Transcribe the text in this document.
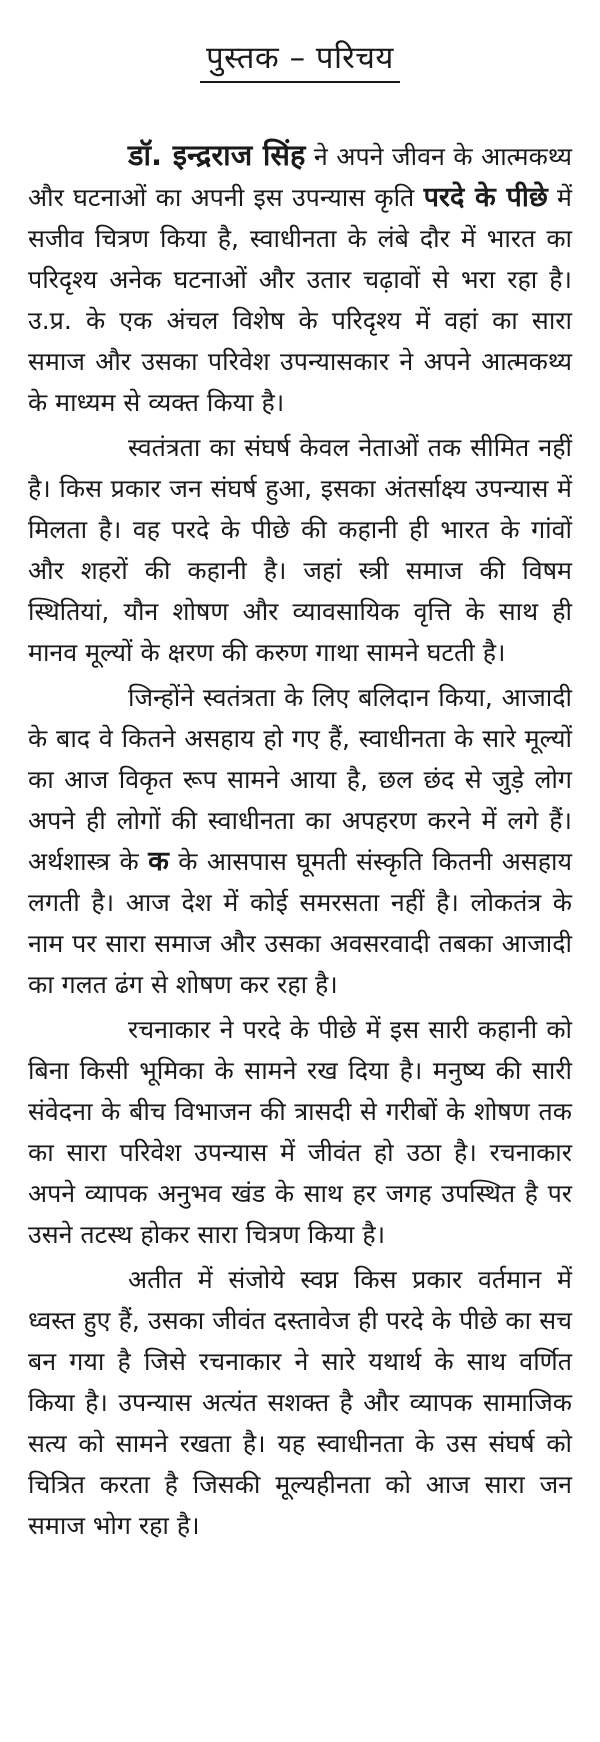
पुस्तक – परिचय

डॉ. इन्द्रराज सिंह ने अपने जीवन के आत्मकथ्य और घटनाओं का अपनी इस उपन्यास कृति परदे के पीछे में सजीव चित्रण किया है, स्वाधीनता के लंबे दौर में भारत का परिदृश्य अनेक घटनाओं और उतार चढ़ावों से भरा रहा है। उ.प्र. के एक अंचल विशेष के परिदृश्य में वहां का सारा समाज और उसका परिवेश उपन्यासकार ने अपने आत्मकथ्य के माध्यम से व्यक्त किया है।

स्वतंत्रता का संघर्ष केवल नेताओं तक सीमित नहीं है। किस प्रकार जन संघर्ष हुआ, इसका अंतर्साक्ष्य उपन्यास में मिलता है। वह परदे के पीछे की कहानी ही भारत के गांवों और शहरों की कहानी है। जहां स्त्री समाज की विषम स्थितियां, यौन शोषण और व्यावसायिक वृत्ति के साथ ही मानव मूल्यों के क्षरण की करुण गाथा सामने घटती है।

जिन्होंने स्वतंत्रता के लिए बलिदान किया, आजादी के बाद वे कितने असहाय हो गए हैं, स्वाधीनता के सारे मूल्यों का आज विकृत रूप सामने आया है, छल छंद से जुड़े लोग अपने ही लोगों की स्वाधीनता का अपहरण करने में लगे हैं। अर्थशास्त्र के क के आसपास घूमती संस्कृति कितनी असहाय लगती है। आज देश में कोई समरसता नहीं है। लोकतंत्र के नाम पर सारा समाज और उसका अवसरवादी तबका आजादी का गलत ढंग से शोषण कर रहा है।

रचनाकार ने परदे के पीछे में इस सारी कहानी को बिना किसी भूमिका के सामने रख दिया है। मनुष्य की सारी संवेदना के बीच विभाजन की त्रासदी से गरीबों के शोषण तक का सारा परिवेश उपन्यास में जीवंत हो उठा है। रचनाकार अपने व्यापक अनुभव खंड के साथ हर जगह उपस्थित है पर उसने तटस्थ होकर सारा चित्रण किया है।

अतीत में संजोये स्वप्न किस प्रकार वर्तमान में ध्वस्त हुए हैं, उसका जीवंत दस्तावेज ही परदे के पीछे का सच बन गया है जिसे रचनाकार ने सारे यथार्थ के साथ वर्णित किया है। उपन्यास अत्यंत सशक्त है और व्यापक सामाजिक सत्य को सामने रखता है। यह स्वाधीनता के उस संघर्ष को चित्रित करता है जिसकी मूल्यहीनता को आज सारा जन समाज भोग रहा है।
